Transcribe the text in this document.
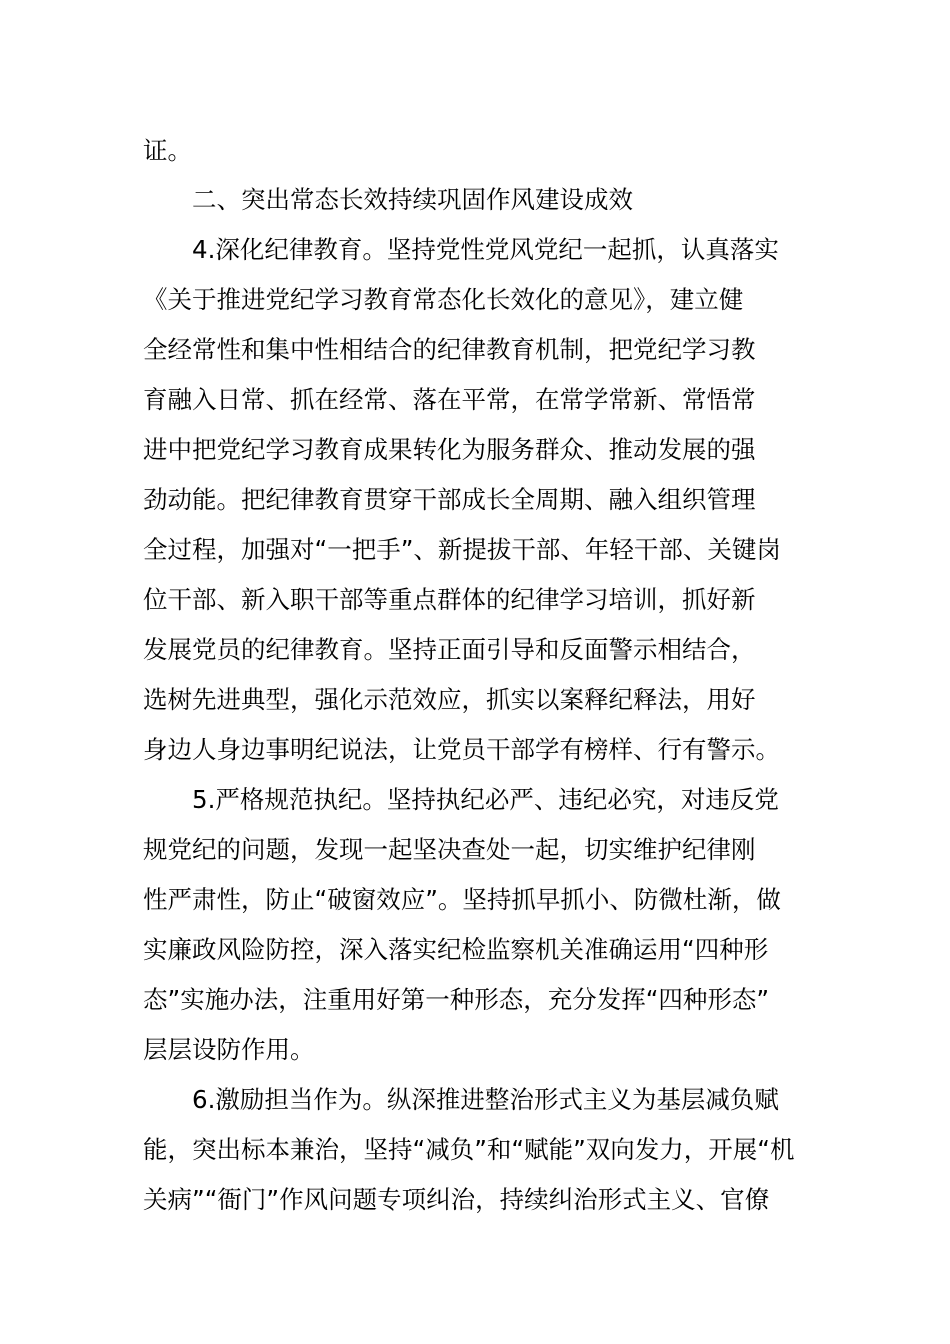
证。
二、突出常态长效持续巩固作风建设成效
4.深化纪律教育。坚持党性党风党纪一起抓，认真落实
《关于推进党纪学习教育常态化长效化的意见》，建立健
全经常性和集中性相结合的纪律教育机制，把党纪学习教
育融入日常、抓在经常、落在平常，在常学常新、常悟常
进中把党纪学习教育成果转化为服务群众、推动发展的强
劲动能。把纪律教育贯穿干部成长全周期、融入组织管理
全过程，加强对“一把手”、新提拔干部、年轻干部、关键岗
位干部、新入职干部等重点群体的纪律学习培训，抓好新
发展党员的纪律教育。坚持正面引导和反面警示相结合，
选树先进典型，强化示范效应，抓实以案释纪释法，用好
身边人身边事明纪说法，让党员干部学有榜样、行有警示。
5.严格规范执纪。坚持执纪必严、违纪必究，对违反党
规党纪的问题，发现一起坚决查处一起，切实维护纪律刚
性严肃性，防止“破窗效应”。坚持抓早抓小、防微杜渐，做
实廉政风险防控，深入落实纪检监察机关准确运用“四种形
态”实施办法，注重用好第一种形态，充分发挥“四种形态”
层层设防作用。
6.激励担当作为。纵深推进整治形式主义为基层减负赋
能，突出标本兼治，坚持“减负”和“赋能”双向发力，开展“机
关病”“衙门”作风问题专项纠治，持续纠治形式主义、官僚
